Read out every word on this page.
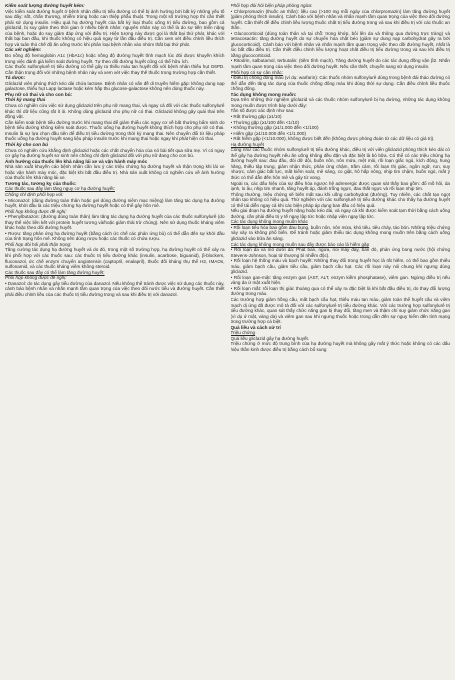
Kiểm soát lượng đường huyết kém:

Việc kiểm soát đường huyết ở bệnh nhân điều trị tiểu đường có thể bị ảnh hưởng bởi bất kỳ những yếu tố sau đây: sốt, chấn thương, nhiễm trùng hoặc can thiệp phẫu thuật. Trong một số trường hợp thì cần thiết phải sử dụng insulin. Hiệu quả hạ đường huyết của bất kỳ loại thuốc uống trị tiểu đường, bao gồm cả gliclazid, bị suy giảm theo thời gian ở nhiều bệnh nhân: nguyên nhân này có thể là do sự tiến triển nặng của bệnh, hoặc do suy giảm đáp ứng với điều trị. Hiện tượng này được gọi là thất bại thứ phát, khác với thất bại ban đầu, khi thuốc không có hiệu quả ngay từ lần đầu điều trị. Cần xem xét điều chỉnh liều thích hợp và tuân thủ chế độ ăn uống trước khi phân loại bệnh nhân vào nhóm thất bại thứ phát.

Các xét nghiệm:

Đo nồng độ hemoglobin A1c (HbA1c) hoặc nồng độ đường huyết tĩnh mạch lúc đói được khuyến khích trong việc đánh giá kiểm soát đường huyết. Tự theo dõi đường huyết cũng có thể hữu ích.

Các thuốc sulfonylurê trị tiểu đường có thể gây ra thiếu máu tan huyết đối với bệnh nhân thiếu hụt G6PD. Cần thận trọng đối với những bệnh nhân này và xem xét việc thay thế thuốc trong trường hợp cần thiết.

Tá dược:

Gliclazid viên phóng thích kéo dài chứa lactose. Bệnh nhân có vấn đề di truyền hiếm gặp: không dung nạp galactose, thiếu hụt Lapp lactase hoặc kém hấp thu glucose-galactose không nên dùng thuốc này.

Phụ nữ có thai và cho con bú:

Thời kỳ mang thai

Chưa có nghiên cứu việc sử dụng gliclazid trên phụ nữ mang thai, và ngay cả đối với các thuốc sulfonylurê khác thì dữ liệu cũng rất ít ỏi. Không dùng gliclazid cho phụ nữ có thai. Gliclazid không gây quái thai trên động vật.

Cần kiểm soát bệnh tiểu đường trước khi mang thai để giảm thiểu các nguy cơ về bất thường bẩm sinh do bệnh tiểu đường không kiểm soát được. Thuốc uống hạ đường huyết không thích hợp cho phụ nữ có thai. Insulin là sự lựa chọn đầu tiên để điều trị tiểu đường trong thời kỳ mang thai. Nên chuyển đổi từ liệu pháp thuốc uống hạ đường huyết sang liệu pháp insulin trước khi mang thai hoặc ngay khi phát hiện có thai.

Thời kỳ cho con bú

Chưa có nghiên cứu khẳng định gliclazid hoặc các chất chuyển hóa của nó bài tiết qua sữa mẹ. Vì có nguy cơ gây hạ đường huyết sơ sinh nên chống chỉ định gliclazid đối với phụ nữ đang cho con bú.

Ảnh hưởng của thuốc lên khả năng lái xe và vận hành máy móc

Nhà sản xuất khuyến cáo bệnh nhân cần lưu ý các triệu chứng hạ đường huyết và thận trọng khi lái xe hoặc vận hành máy móc, đặc biệt khi bắt đầu điều trị. Nhà sản xuất không có nghiên cứu về ảnh hưởng của thuốc lên khả năng lái xe.

Tương tác, tương kỵ của thuốc:

Các thuốc sau đây làm tăng nguy cơ hạ đường huyết:

Chống chỉ định phối hợp với:

• Miconazol: (dùng đường toàn thân hoặc gel dùng đường niêm mạc miệng) làm tăng tác dụng hạ đường huyết, khởi đầu là các triệu chứng hạ đường huyết hoặc có thể gây hôn mê.

Phối hợp không được đề nghị:

• Phenylbutazon: (đường dùng toàn thân) làm tăng tác dụng hạ đường huyết của các thuốc sulfonylurê (do thay thế việc liên kết với protein huyết tương và/hoặc giảm thải trừ chúng). Nên sử dụng thuốc kháng viêm khác hoặc theo dõi đường huyết.

• Rượu: tăng phản ứng hạ đường huyết (bằng cách ức chế các phản ứng bù) có thể dẫn đến sự khởi đầu của tình trạng hôn mê. Không nên dùng rượu hoặc các thuốc có chứa rượu.

Phối hợp đòi hỏi phải thận trọng:

Tăng cường tác dụng hạ đường huyết và do đó, trong một số trường hợp, hạ đường huyết có thể xảy ra khi phối hợp với các thuốc sau: các thuốc trị tiểu đường khác (insulin, acarbose, biguanid), β-blockers, fluconazol, ức chế enzym chuyển angiotensin (captopril, enalapril), thuốc đối kháng thụ thể H2, IMAOs, sulfonamid, và các thuốc kháng viêm không steroid.

Các thuốc sau đây có thể làm tăng đường huyết:

Phối hợp không được đề nghị:

• Danazol: do tác dụng gây tiểu đường của danazol. Nếu không thể tránh được việc sử dụng các thuốc này, cảnh báo bệnh nhân và nhấn mạnh tầm quan trọng của việc theo dõi nước tiểu và đường huyết. Cần thiết phải điều chỉnh liều của các thuốc trị tiểu đường trong và sau khi điều trị với danazol.

Phối hợp đòi hỏi biện pháp phòng ngừa:

• Chlorpromazin (thuốc an thần): liều cao (>100 mg mỗi ngày của chlorpromazin) làm tăng đường huyết (giảm phóng thích insulin). Cảnh báo với bệnh nhân và nhấn mạnh tầm quan trọng của việc theo dõi đường huyết. Cần thiết để điều chỉnh liều lượng thuốc chất trị tiểu đường trong và sau khi điều trị với các thuốc an thần.

• Glucocorticoid (dùng toàn thân và tại chỗ: trong khớp, bôi lên da và thông qua đường trực tràng) và tetracosactin: tăng đường huyết do sự chuyển hóa chất béo (giảm sự dung nạp carbohydrat gây ra bởi glucocorticoid). Cảnh báo với bệnh nhân và nhấn mạnh tầm quan trọng việc theo dõi đường huyết, nhất là lúc bắt đầu điều trị. Cần thiết điều chỉnh liều lượng hoạt chất điều trị tiểu đường trong và sau khi điều trị bằng glucocorticoid.

• Ritodrin, salbutamol, terbutalin: (tiêm tĩnh mạch). Tăng đường huyết do các tác dụng đồng vận β2. Nhấn mạnh tầm quan trọng của việc theo dõi đường huyết. Nếu cần thiết, chuyển sang sử dụng insulin.

Phối hợp có sự cân nhắc:

• Điều trị chống đông máu (ví dụ: warfarin): Các thuốc nhóm sulfonylurê dùng trong bệnh đái tháo đường có thể dẫn đến tăng tác dụng của thuốc chống đông máu khi dùng thời sự dụng. Cần điều chỉnh liều thuốc chống đông.

Tác dụng không mong muốn:

Dựa trên những thử nghiệm gliclazid và các thuốc nhóm sulfonylurê bị hạ đường, những tác dụng không mong muốn được trình bày dưới đây:

Tần số được xác định như sau:

• Rất thường gặp (≥1/10)

• Thường gặp (≥1/100 đến <1/10)

• Không thường gặp (≥1/1.000 đến <1/100)

• Hiếm gặp (≥1/10.000 đến <1/1.000)

• Rất hiếm gặp (<1/10.000), không được biết đến (không được phỏng đoán từ các dữ liệu có giá trị).

Hạ đường huyết

Cũng như các thuốc nhóm sulfonylurê trị tiểu đường khác, điều trị với viên gliclazid phóng thích kéo dài có thể gây hạ đường huyết nếu ăn uống không đều đặn và đặc biệt là bỏ bữa. Có thể có các triệu chứng hạ đường huyết sau: đau đầu, đói dữ dội, buồn nôn, nôn mửa, mệt mỏi, rối loạn giấc ngủ, kích động, hung hăng, thiếu tập trung, giảm nhận thức, phản ứng chậm, trầm cảm, rối loạn thị giác, ngôn ngữ, run, suy nhược, cảm giác bất lực, mất kiểm soát, mê sảng, co giật, hô hấp nông, nhịp tim chậm, buồn ngủ, mất ý thức có thể dẫn đến hôn mê và gây tử vong.

Ngoài ra, các dấu hiệu của sự điều hòa ngược hệ adrenergic được quan sát thấy bao gồm: đổ mồ hôi, da lạnh, lo âu, nhịp tim nhanh, tăng huyết áp, đánh trống ngực, đau thắt ngực và rối loạn nhịp tim.

Thông thường, triệu chứng sẽ biến mất sau khi uống carbohydrat (đường). Tuy nhiên, các chất tạo ngọt nhân tạo không có hiệu quả. Thử nghiệm với các sulfonylurê trị tiểu đường khác cho thấy hạ đường huyết có thể tái diễn ngay cả khi các biện pháp áp dụng ban đầu có hiệu quả.

Nếu giai đoạn hạ đường huyết nặng hoặc kéo dài, và ngay cả khi được kiểm soát tạm thời bằng cách uống đường, cần phải điều trị y tế ngay lập tức hoặc nhập viện ngay lập tức.

Các tác dụng không mong muốn khác

• Rối loạn tiêu hóa bao gồm đau bụng, buồn nôn, nôn mửa, khó tiêu, tiêu chảy, táo bón. Những triệu chứng này xảy ra không phổ biến. Để tránh hoặc giảm thiểu tác dụng không mong muốn trên bằng cách uống gliclazid vào bữa ăn sáng.

Các tác dụng không mong muốn sau đây được báo cáo là hiếm gặp

• Rối loạn da và mô dưới da: Phát ban, ngứa, nổi mày đay, ban đỏ, phản ứng bong nước (hội chứng Stevens-Johnson, hoại tử thượng bì nhiễm độc).

• Rối loạn hệ thống máu và bạch huyết: Những thay đổi trong huyết học là rất hiếm, có thể bao gồm thiếu máu, giảm bạch cầu, giảm tiểu cầu, giảm bạch cầu hạt. Các rối loạn này nói chung khi ngưng dùng gliclazid.

• Rối loạn gan-mật: tăng enzym gan (AST, ALT, enzym kiềm phosphatase), viêm gan. Ngừng điều trị nếu vàng da ứ mật xuất hiện.

• Rối loạn mắt: rối loạn thị giác thoáng qua có thể xảy ra đặc biệt là khi bắt đầu điều trị, do thay đổi lượng đường trong máu.

Các trường hợp giảm hồng cầu, mất bạch cầu hạt, thiếu máu tan máu, giảm toàn thể huyết cầu và viêm mạch dị ứng đã được mô tả đối với các sulfonylurê trị tiểu đường khác. Với các trường hợp sulfonylurê trị tiểu đường khác, quan sát thấy chức năng gan bị thay đổi, tăng men và thậm chí suy giảm chức năng gan (vì dụ ứ mật, vàng da) và viêm gan sau khi ngưng thuốc hoặc trong dẫn đến sự nguy hiểm đến tính mạng trong trường hợp cá biệt.

Quá liều và cách xử trí

Triệu chứng

Quá liều gliclazid gây hạ đường huyết.

Triệu chứng ở mức độ trung bình của hạ đường huyết mà không gây mất ý thức hoặc không có các dấu hiệu thần kinh được điều trị bằng cách bổ sung
